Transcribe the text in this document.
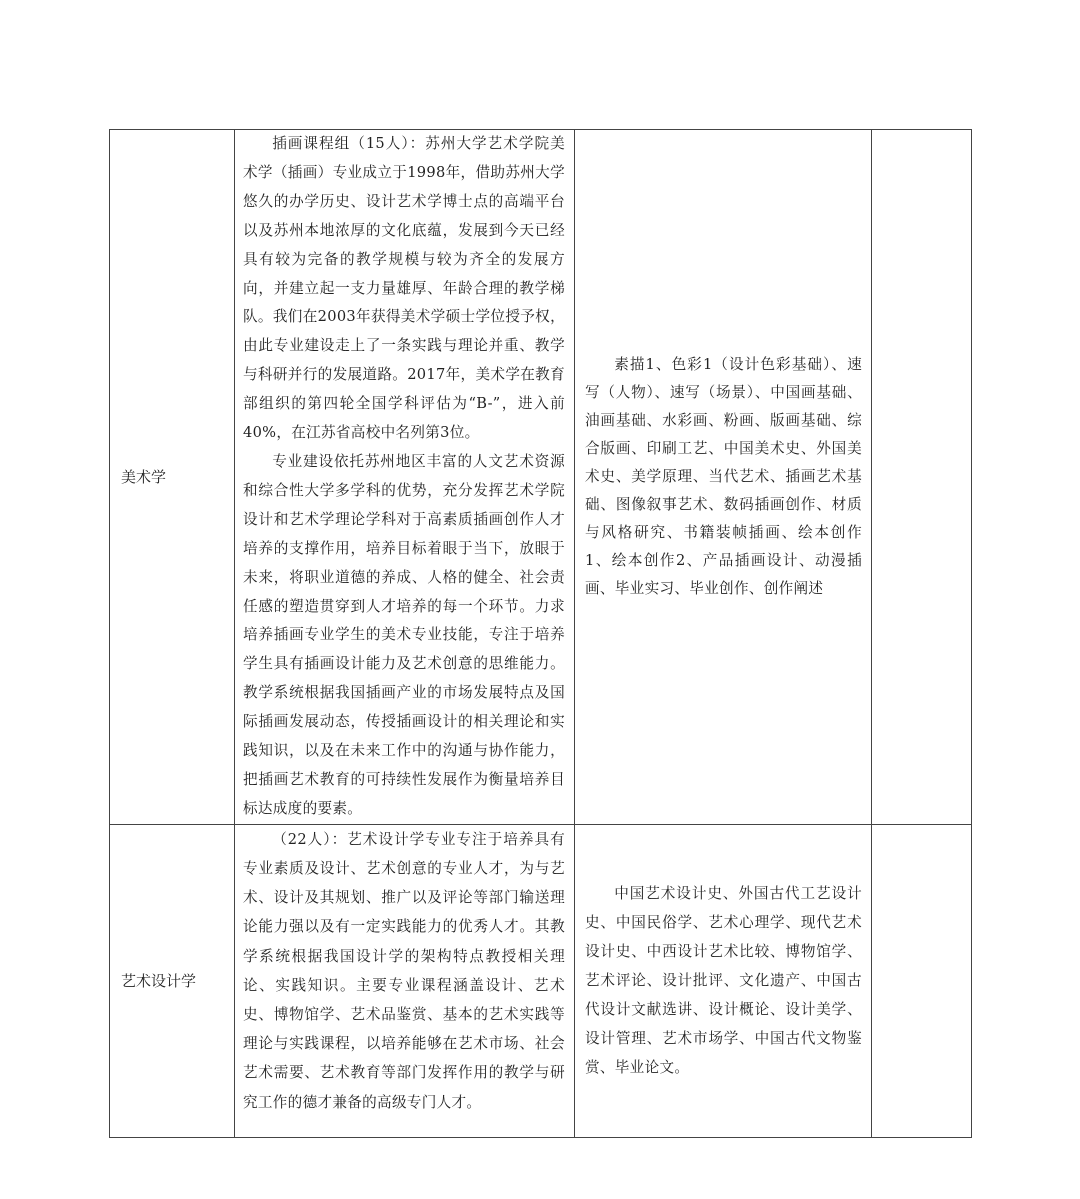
美术学	插画课程组（15人）：苏州大学艺术学院美术学（插画）专业成立于1998年，借助苏州大学悠久的办学历史、设计艺术学博士点的高端平台以及苏州本地浓厚的文化底蕴，发展到今天已经具有较为完备的教学规模与较为齐全的发展方向，并建立起一支力量雄厚、年龄合理的教学梯队。我们在2003年获得美术学硕士学位授予权，由此专业建设走上了一条实践与理论并重、教学与科研并行的发展道路。2017年，美术学在教育部组织的第四轮全国学科评估为“B-”，进入前40%，在江苏省高校中名列第3位。

专业建设依托苏州地区丰富的人文艺术资源和综合性大学多学科的优势，充分发挥艺术学院设计和艺术学理论学科对于高素质插画创作人才培养的支撑作用，培养目标着眼于当下，放眼于未来，将职业道德的养成、人格的健全、社会责任感的塑造贯穿到人才培养的每一个环节。力求培养插画专业学生的美术专业技能，专注于培养学生具有插画设计能力及艺术创意的思维能力。教学系统根据我国插画产业的市场发展特点及国际插画发展动态，传授插画设计的相关理论和实践知识，以及在未来工作中的沟通与协作能力，把插画艺术教育的可持续性发展作为衡量培养目标达成度的要素。	素描1、色彩1（设计色彩基础）、速写（人物）、速写（场景）、中国画基础、油画基础、水彩画、粉画、版画基础、综合版画、印刷工艺、中国美术史、外国美术史、美学原理、当代艺术、插画艺术基础、图像叙事艺术、数码插画创作、材质与风格研究、书籍装帧插画、绘本创作1、绘本创作2、产品插画设计、动漫插画、毕业实习、毕业创作、创作阐述	

艺术设计学	（22人）：艺术设计学专业专注于培养具有专业素质及设计、艺术创意的专业人才，为与艺术、设计及其规划、推广以及评论等部门输送理论能力强以及有一定实践能力的优秀人才。其教学系统根据我国设计学的架构特点教授相关理论、实践知识。主要专业课程涵盖设计、艺术史、博物馆学、艺术品鉴赏、基本的艺术实践等理论与实践课程，以培养能够在艺术市场、社会艺术需要、艺术教育等部门发挥作用的教学与研究工作的德才兼备的高级专门人才。	中国艺术设计史、外国古代工艺设计史、中国民俗学、艺术心理学、现代艺术设计史、中西设计艺术比较、博物馆学、艺术评论、设计批评、文化遗产、中国古代设计文献选讲、设计概论、设计美学、设计管理、艺术市场学、中国古代文物鉴赏、毕业论文。	
